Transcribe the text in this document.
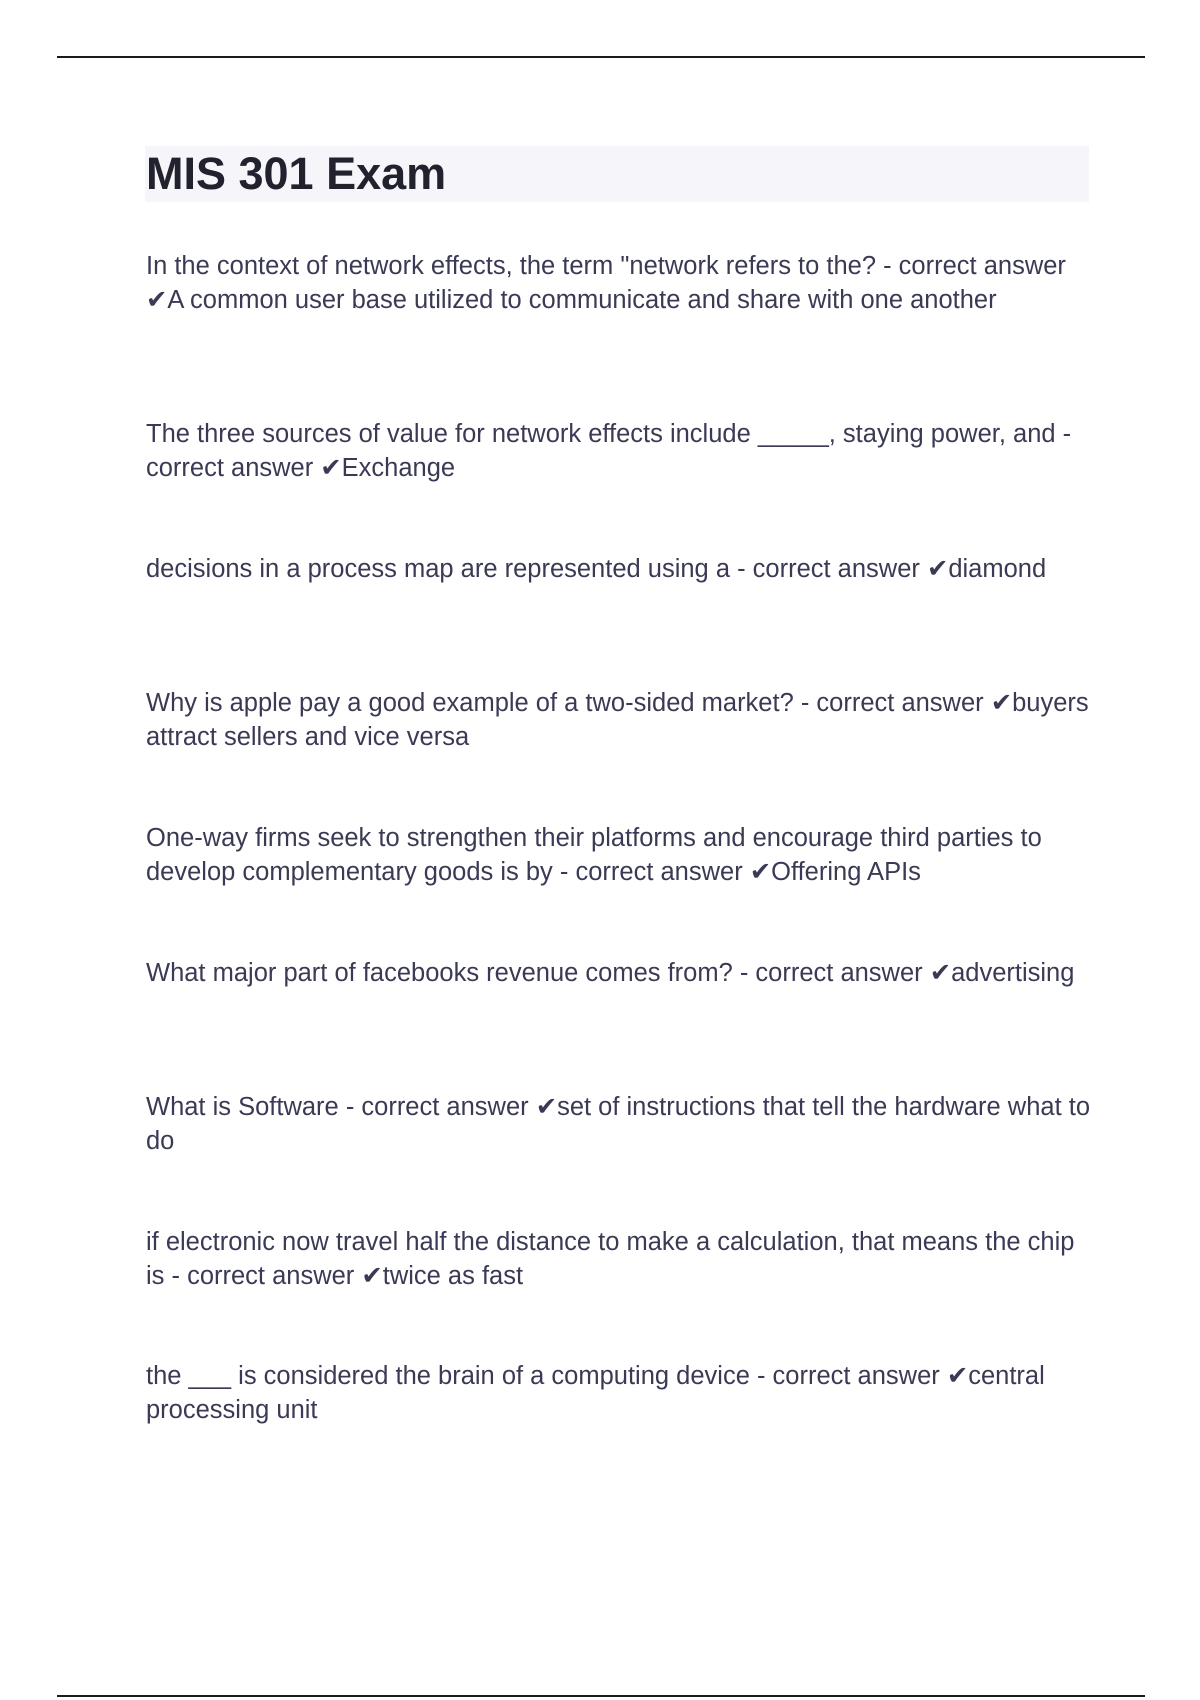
MIS 301 Exam

In the context of network effects, the term "network refers to the? - correct answer ✔A common user base utilized to communicate and share with one another

The three sources of value for network effects include _____, staying power, and - correct answer ✔Exchange

decisions in a process map are represented using a - correct answer ✔diamond

Why is apple pay a good example of a two-sided market? - correct answer ✔buyers attract sellers and vice versa

One-way firms seek to strengthen their platforms and encourage third parties to develop complementary goods is by - correct answer ✔Offering APIs

What major part of facebooks revenue comes from? - correct answer ✔advertising

What is Software - correct answer ✔set of instructions that tell the hardware what to do

if electronic now travel half the distance to make a calculation, that means the chip is - correct answer ✔twice as fast

the ___ is considered the brain of a computing device - correct answer ✔central processing unit
